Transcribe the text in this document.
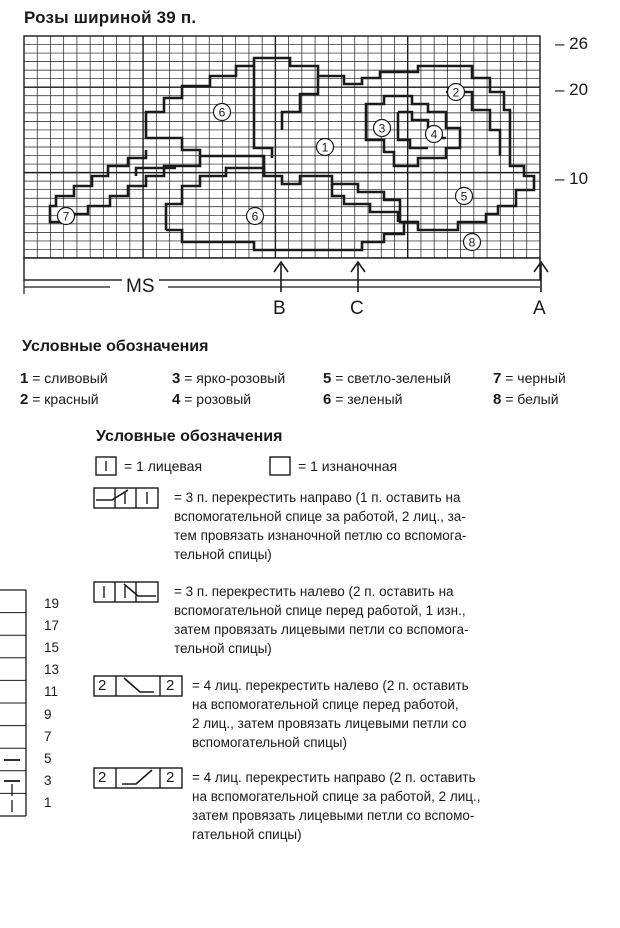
Розы шириной 39 п.
1
2
3	4
5
6
6
7
8
– 26
– 20
– 10
MS
B	C	A
Условные обозначения
1 = сливовый
2 = красный
3 = ярко-розовый
4 = розовый
5 = светло-зеленый
6 = зеленый
7 = черный
8 = белый
Условные обозначения
= 1 лицевая	= 1 изнаночная
= 3 п. перекрестить направо (1 п. оставить на
вспомогательной спице за работой, 2 лиц., за-
тем провязать изнаночной петлю со вспомога-
тельной спицы)
= 3 п. перекрестить налево (2 п. оставить на
вспомогательной спице перед работой, 1 изн.,
затем провязать лицевыми петли со вспомога-
тельной спицы)
= 4 лиц. перекрестить налево (2 п. оставить
на вспомогательной спице перед работой,
2 лиц., затем провязать лицевыми петли со
вспомогательной спицы)
= 4 лиц. перекрестить направо (2 п. оставить
на вспомогательной спице за работой, 2 лиц.,
затем провязать лицевыми петли со вспомо-
гательной спицы)
2	2
2	2
19
17
15
13
11
9
7
5
3
1
